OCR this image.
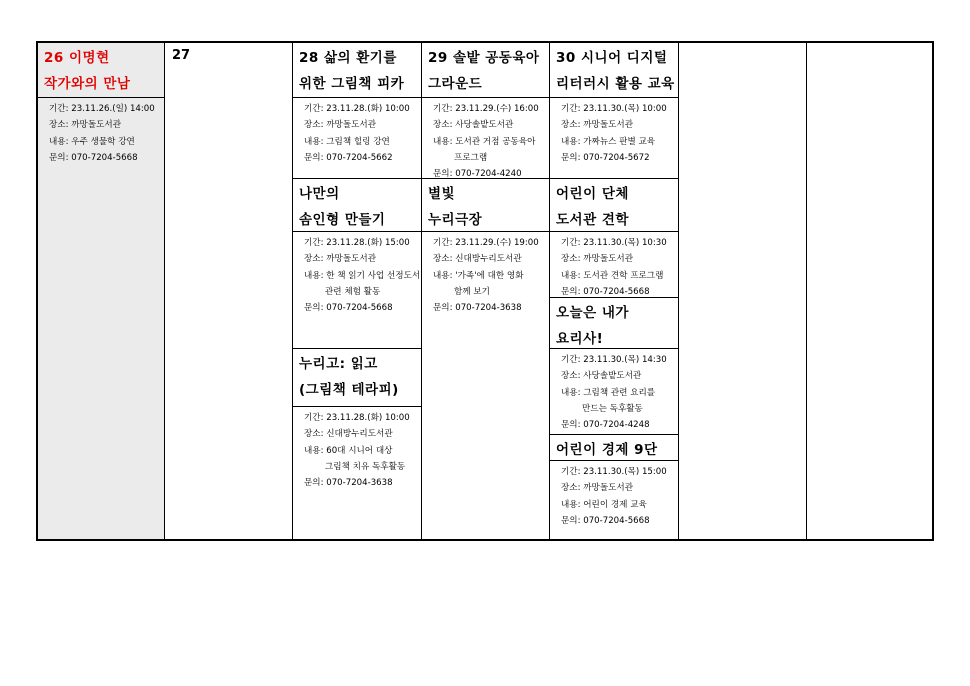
26 이명현
작가와의 만남
기간: 23.11.26.(일) 14:00
장소: 까망돌도서관
내용: 우주 생물학 강연
문의: 070-7204-5668
27	28 삶의 환기를
위한 그림책 피카
기간: 23.11.28.(화) 10:00
장소: 까망돌도서관
내용: 그림책 힐링 강연
문의: 070-7204-5662
나만의
솜인형 만들기
기간: 23.11.28.(화) 15:00
장소: 까망돌도서관
내용: 한 책 읽기 사업 선정도서
관련 체험 활동
문의: 070-7204-5668
누리고: 읽고
(그림책 테라피)
기간: 23.11.28.(화) 10:00
장소: 신대방누리도서관
내용: 60대 시니어 대상
그림책 치유 독후활동
문의: 070-7204-3638
29 솔밭 공동육아
그라운드
기간: 23.11.29.(수) 16:00
장소: 사당솔밭도서관
내용: 도서관 거점 공동육아
프로그램
문의: 070-7204-4240
별빛
누리극장
기간: 23.11.29.(수) 19:00
장소: 신대방누리도서관
내용: '가족'에 대한 영화
함께 보기
문의: 070-7204-3638
30 시니어 디지털
리터러시 활용 교육
기간: 23.11.30.(목) 10:00
장소: 까망돌도서관
내용: 가짜뉴스 판별 교육
문의: 070-7204-5672
어린이 단체
도서관 견학
기간: 23.11.30.(목) 10:30
장소: 까망돌도서관
내용: 도서관 견학 프로그램
문의: 070-7204-5668
오늘은 내가
요리사!
기간: 23.11.30.(목) 14:30
장소: 사당솔밭도서관
내용: 그림책 관련 요리를
만드는 독후활동
문의: 070-7204-4248
어린이 경제 9단
기간: 23.11.30.(목) 15:00
장소: 까망돌도서관
내용: 어린이 경제 교육
문의: 070-7204-5668
